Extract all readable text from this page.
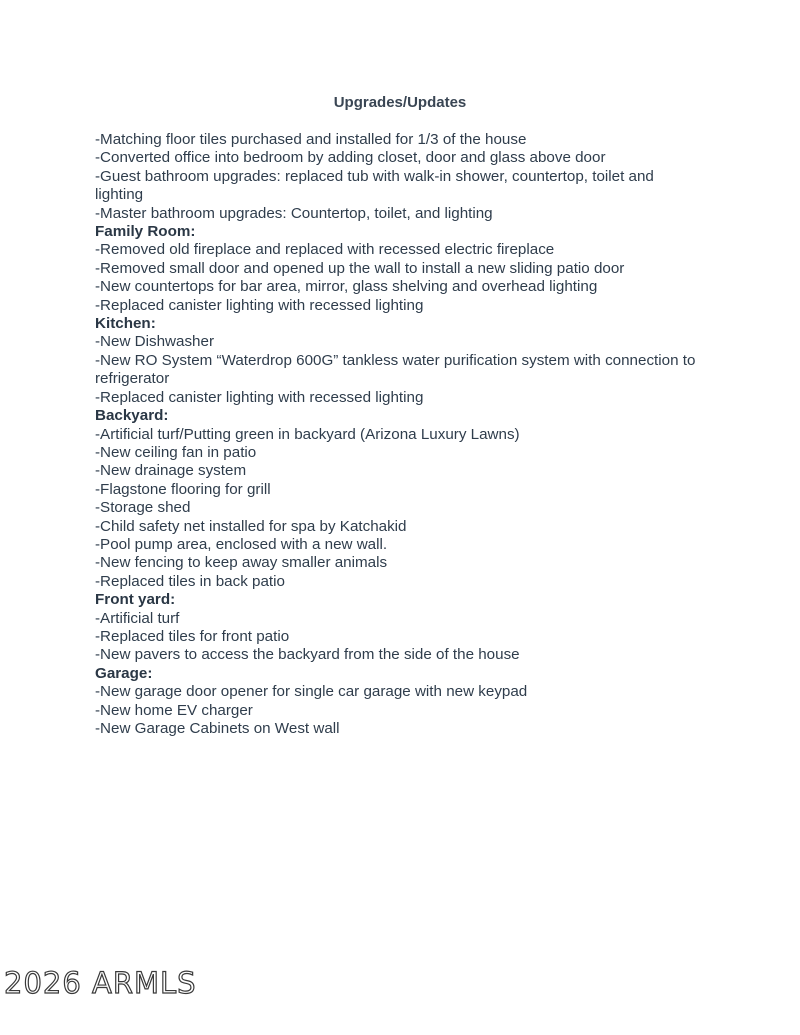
Upgrades/Updates
-Matching floor tiles purchased and installed for 1/3 of the house
-Converted office into bedroom by adding closet, door and glass above door
-Guest bathroom upgrades: replaced tub with walk-in shower, countertop, toilet and lighting
-Master bathroom upgrades: Countertop, toilet, and lighting
Family Room:
-Removed old fireplace and replaced with recessed electric fireplace
-Removed small door and opened up the wall to install a new sliding patio door
-New countertops for bar area, mirror, glass shelving and overhead lighting
-Replaced canister lighting with recessed lighting
Kitchen:
-New Dishwasher
-New RO System “Waterdrop 600G” tankless water purification system with connection to refrigerator
-Replaced canister lighting with recessed lighting
Backyard:
-Artificial turf/Putting green in backyard (Arizona Luxury Lawns)
-New ceiling fan in patio
-New drainage system
-Flagstone flooring for grill
-Storage shed
-Child safety net installed for spa by Katchakid
-Pool pump area, enclosed with a new wall.
-New fencing to keep away smaller animals
-Replaced tiles in back patio
Front yard:
-Artificial turf
-Replaced tiles for front patio
-New pavers to access the backyard from the side of the house
Garage:
-New garage door opener for single car garage with new keypad
-New home EV charger
-New Garage Cabinets on West wall
2026 ARMLS
